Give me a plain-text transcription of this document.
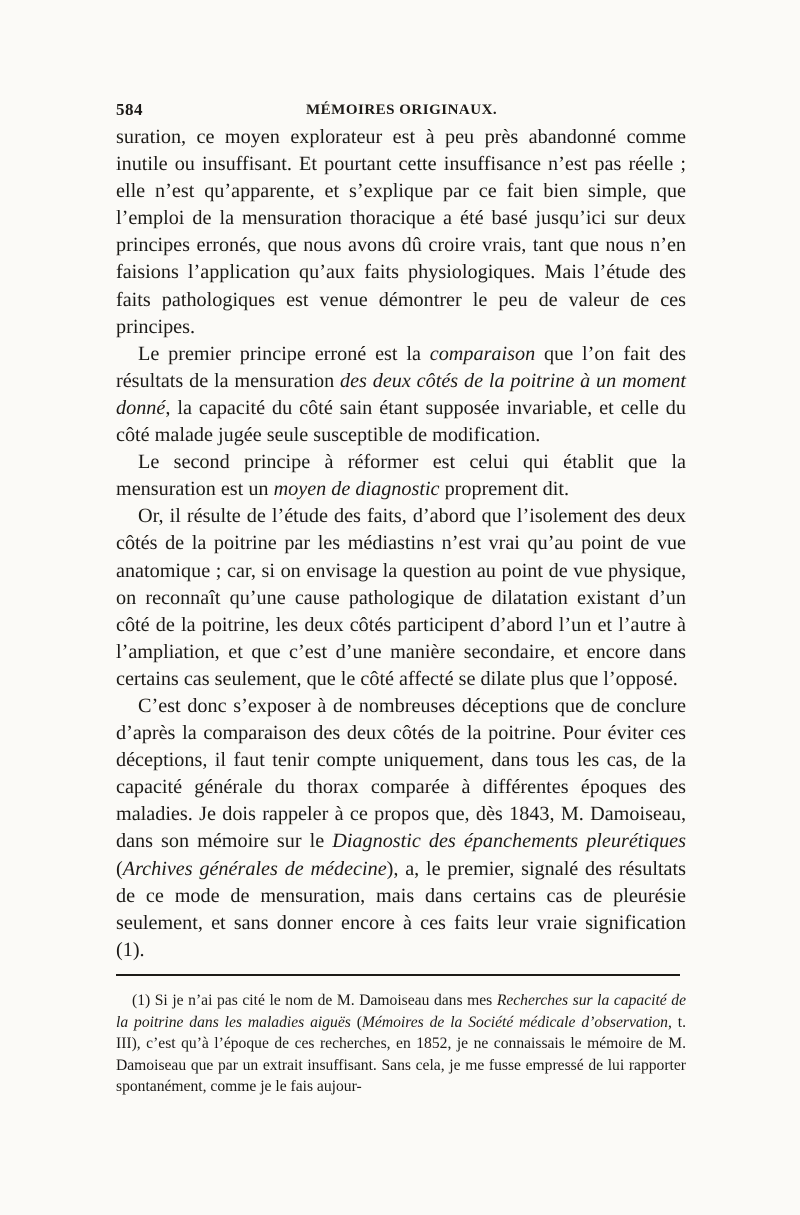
584	MÉMOIRES ORIGINAUX.

suration, ce moyen explorateur est à peu près abandonné comme inutile ou insuffisant. Et pourtant cette insuffisance n’est pas réelle ; elle n’est qu’apparente, et s’explique par ce fait bien simple, que l’emploi de la mensuration thoracique a été basé jusqu’ici sur deux principes erronés, que nous avons dû croire vrais, tant que nous n’en faisions l’application qu’aux faits physiologiques. Mais l’étude des faits pathologiques est venue démontrer le peu de valeur de ces principes.

Le premier principe erroné est la comparaison que l’on fait des résultats de la mensuration des deux côtés de la poitrine à un moment donné, la capacité du côté sain étant supposée invariable, et celle du côté malade jugée seule susceptible de modification.

Le second principe à réformer est celui qui établit que la mensuration est un moyen de diagnostic proprement dit.

Or, il résulte de l’étude des faits, d’abord que l’isolement des deux côtés de la poitrine par les médiastins n’est vrai qu’au point de vue anatomique ; car, si on envisage la question au point de vue physique, on reconnaît qu’une cause pathologique de dilatation existant d’un côté de la poitrine, les deux côtés participent d’abord l’un et l’autre à l’ampliation, et que c’est d’une manière secondaire, et encore dans certains cas seulement, que le côté affecté se dilate plus que l’opposé.

C’est donc s’exposer à de nombreuses déceptions que de conclure d’après la comparaison des deux côtés de la poitrine. Pour éviter ces déceptions, il faut tenir compte uniquement, dans tous les cas, de la capacité générale du thorax comparée à différentes époques des maladies. Je dois rappeler à ce propos que, dès 1843, M. Damoiseau, dans son mémoire sur le Diagnostic des épanchements pleurétiques (Archives générales de médecine), a, le premier, signalé des résultats de ce mode de mensuration, mais dans certains cas de pleurésie seulement, et sans donner encore à ces faits leur vraie signification (1).

(1) Si je n’ai pas cité le nom de M. Damoiseau dans mes Recherches sur la capacité de la poitrine dans les maladies aiguës (Mémoires de la Société médicale d’observation, t. III), c’est qu’à l’époque de ces recherches, en 1852, je ne connaissais le mémoire de M. Damoiseau que par un extrait insuffisant. Sans cela, je me fusse empressé de lui rapporter spontanément, comme je le fais aujour-
